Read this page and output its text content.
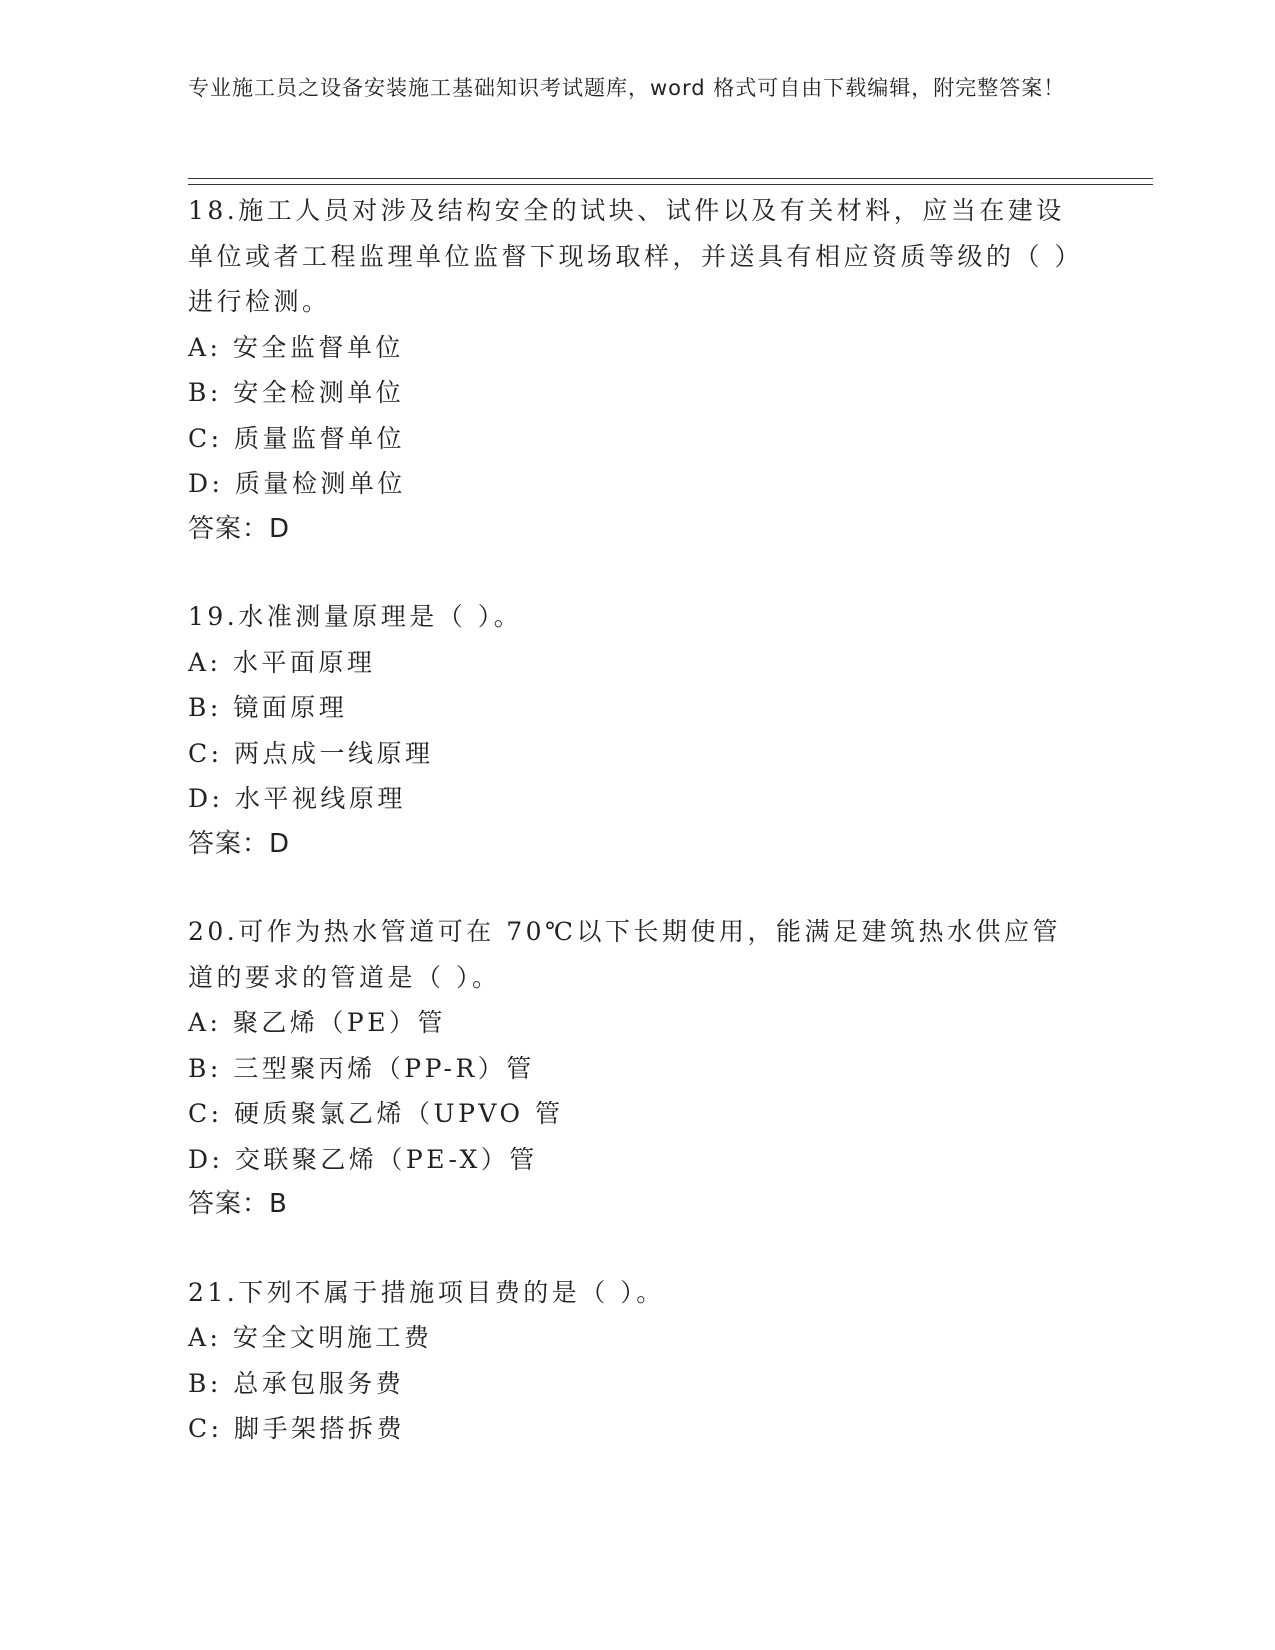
专业施工员之设备安装施工基础知识考试题库，word 格式可自由下载编辑，附完整答案！
18.施工人员对涉及结构安全的试块、试件以及有关材料，应当在建设单位或者工程监理单位监督下现场取样，并送具有相应资质等级的（ ）进行检测。
A: 安全监督单位
B: 安全检测单位
C: 质量监督单位
D: 质量检测单位
答案：D
19.水准测量原理是（ ）。
A: 水平面原理
B: 镜面原理
C: 两点成一线原理
D: 水平视线原理
答案：D
20.可作为热水管道可在 70℃以下长期使用，能满足建筑热水供应管道的要求的管道是（ ）。
A: 聚乙烯（PE）管
B: 三型聚丙烯（PP-R）管
C: 硬质聚氯乙烯（UPVO 管
D: 交联聚乙烯（PE-X）管
答案：B
21.下列不属于措施项目费的是（ ）。
A: 安全文明施工费
B: 总承包服务费
C: 脚手架搭拆费
